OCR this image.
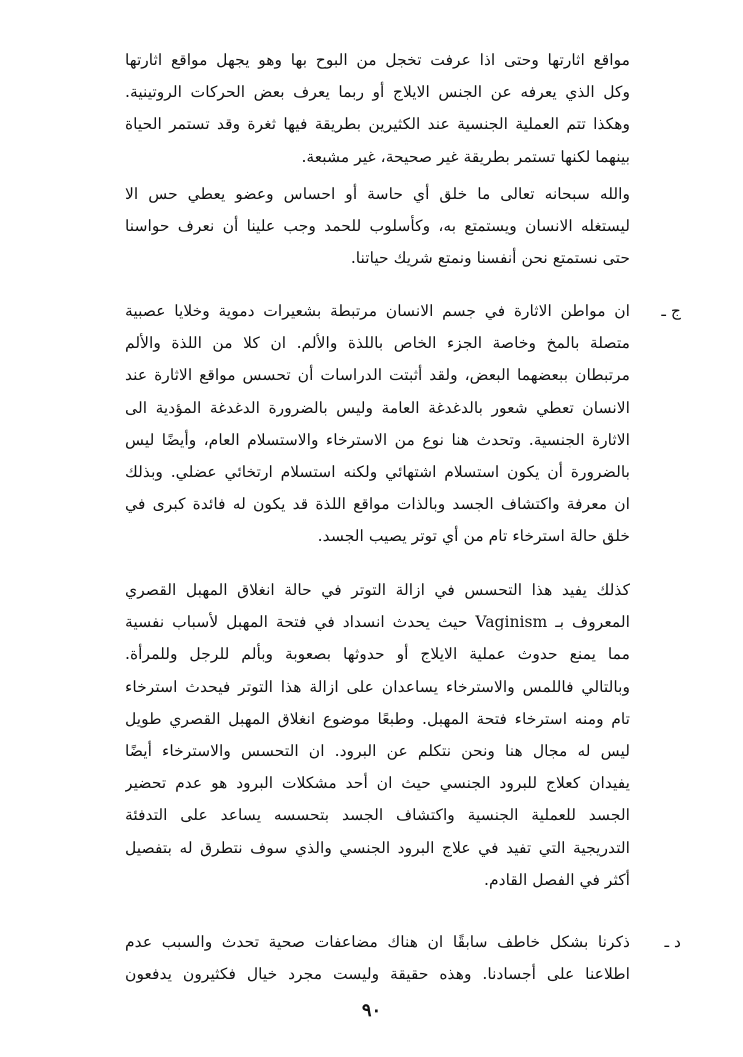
مواقع اثارتها وحتى اذا عرفت تخجل من البوح بها وهو يجهل مواقع اثارتها
وكل الذي يعرفه عن الجنس الايلاج أو ربما يعرف بعض الحركات الروتينية.
وهكذا تتم العملية الجنسية عند الكثيرين بطريقة فيها ثغرة وقد تستمر الحياة
بينهما لكنها تستمر بطريقة غير صحيحة، غير مشبعة.
والله سبحانه تعالى ما خلق أي حاسة أو احساس وعضو يعطي حس الا
ليستغله الانسان ويستمتع به، وكأسلوب للحمد وجب علينا أن نعرف حواسنا
حتى نستمتع نحن أنفسنا ونمتع شريك حياتنا.
ج ـ
ان مواطن الاثارة في جسم الانسان مرتبطة بشعيرات دموية وخلايا عصبية
متصلة بالمخ وخاصة الجزء الخاص باللذة والألم. ان كلا من اللذة والألم
مرتبطان ببعضهما البعض، ولقد أثبتت الدراسات أن تحسس مواقع الاثارة عند
الانسان تعطي شعور بالدغدغة العامة وليس بالضرورة الدغدغة المؤدية الى
الاثارة الجنسية. وتحدث هنا نوع من الاسترخاء والاستسلام العام، وأيضًا ليس
بالضرورة أن يكون استسلام اشتهائي ولكنه استسلام ارتخائي عضلي. وبذلك
ان معرفة واكتشاف الجسد وبالذات مواقع اللذة قد يكون له فائدة كبرى في
خلق حالة استرخاء تام من أي توتر يصيب الجسد.
كذلك يفيد هذا التحسس في ازالة التوتر في حالة انغلاق المهبل القصري
المعروف بـ Vaginism حيث يحدث انسداد في فتحة المهبل لأسباب نفسية
مما يمنع حدوث عملية الايلاج أو حدوثها بصعوبة وبألم للرجل وللمرأة.
وبالتالي فاللمس والاسترخاء يساعدان على ازالة هذا التوتر فيحدث استرخاء
تام ومنه استرخاء فتحة المهبل. وطبعًا موضوع انغلاق المهبل القصري طويل
ليس له مجال هنا ونحن نتكلم عن البرود. ان التحسس والاسترخاء أيضًا
يفيدان كعلاج للبرود الجنسي حيث ان أحد مشكلات البرود هو عدم تحضير
الجسد للعملية الجنسية واكتشاف الجسد بتحسسه يساعد على التدفئة
التدريجية التي تفيد في علاج البرود الجنسي والذي سوف نتطرق له بتفصيل
أكثر في الفصل القادم.
د ـ
ذكرنا بشكل خاطف سابقًا ان هناك مضاعفات صحية تحدث والسبب عدم
اطلاعنا على أجسادنا. وهذه حقيقة وليست مجرد خيال فكثيرون يدفعون
٩٠
